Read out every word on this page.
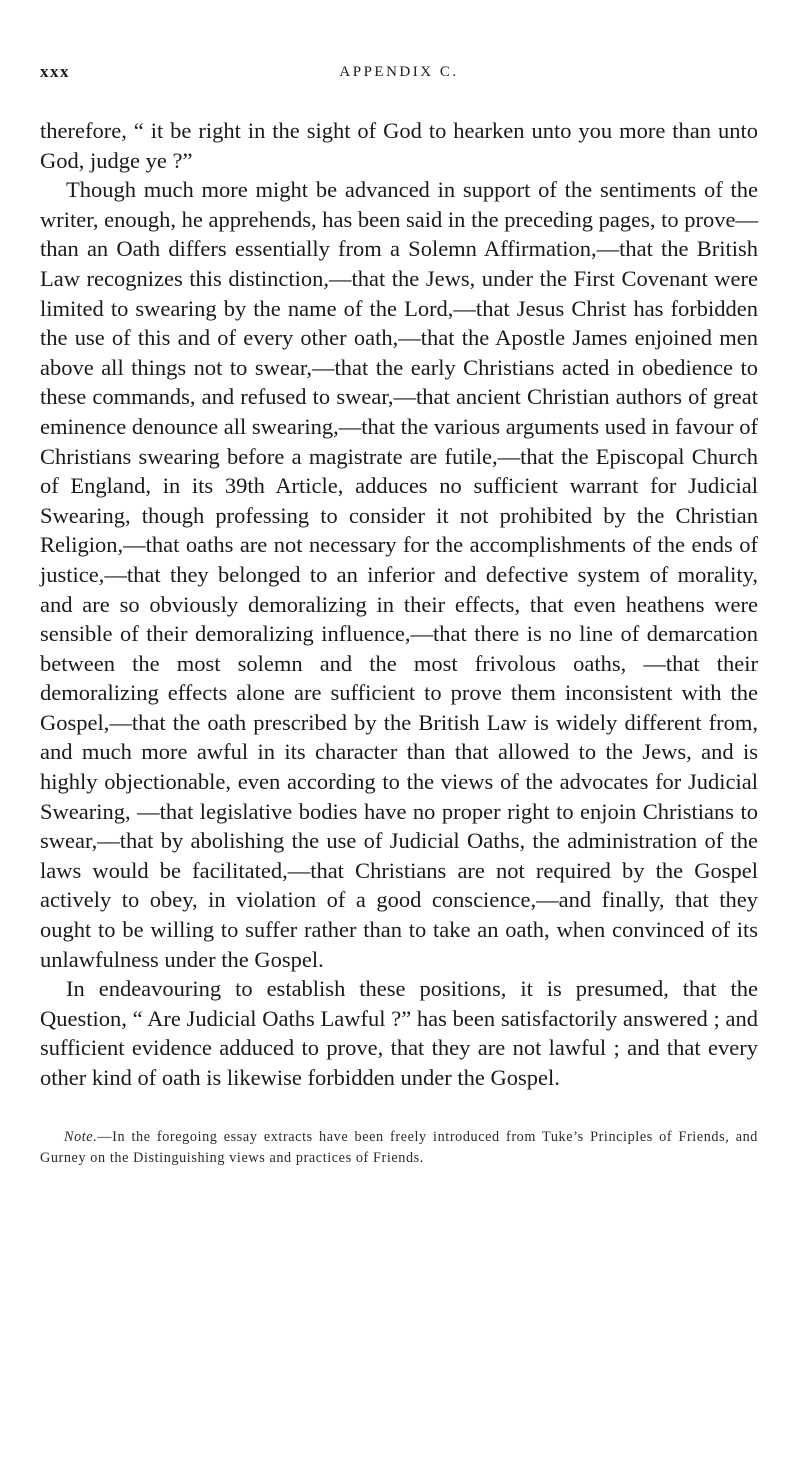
xxx	APPENDIX C.

therefore, “ it be right in the sight of God to hearken unto you more than unto God, judge ye ?”

Though much more might be advanced in support of the sentiments of the writer, enough, he apprehends, has been said in the preceding pages, to prove—than an Oath differs essentially from a Solemn Affirmation,—that the British Law recognizes this distinction,—that the Jews, under the First Covenant were limited to swearing by the name of the Lord,—that Jesus Christ has forbidden the use of this and of every other oath,—that the Apostle James enjoined men above all things not to swear,—that the early Christians acted in obedience to these commands, and refused to swear,—that ancient Christian authors of great eminence denounce all swearing,—that the various arguments used in favour of Christians swearing before a magistrate are futile,—that the Episcopal Church of England, in its 39th Article, adduces no sufficient warrant for Judicial Swearing, though professing to consider it not prohibited by the Christian Religion,—that oaths are not necessary for the accomplishments of the ends of justice,—that they belonged to an inferior and defective system of morality, and are so obviously demoralizing in their effects, that even heathens were sensible of their demoralizing influence,—that there is no line of demarcation between the most solemn and the most frivolous oaths, —that their demoralizing effects alone are sufficient to prove them inconsistent with the Gospel,—that the oath prescribed by the British Law is widely different from, and much more awful in its character than that allowed to the Jews, and is highly objectionable, even according to the views of the advocates for Judicial Swearing, —that legislative bodies have no proper right to enjoin Christians to swear,—that by abolishing the use of Judicial Oaths, the administration of the laws would be facilitated,—that Christians are not required by the Gospel actively to obey, in violation of a good conscience,—and finally, that they ought to be willing to suffer rather than to take an oath, when convinced of its unlawfulness under the Gospel.

In endeavouring to establish these positions, it is presumed, that the Question, “ Are Judicial Oaths Lawful ?” has been satisfactorily answered ; and sufficient evidence adduced to prove, that they are not lawful ; and that every other kind of oath is likewise forbidden under the Gospel.

Note.—In the foregoing essay extracts have been freely introduced from Tuke’s Principles of Friends, and Gurney on the Distinguishing views and practices of Friends.
